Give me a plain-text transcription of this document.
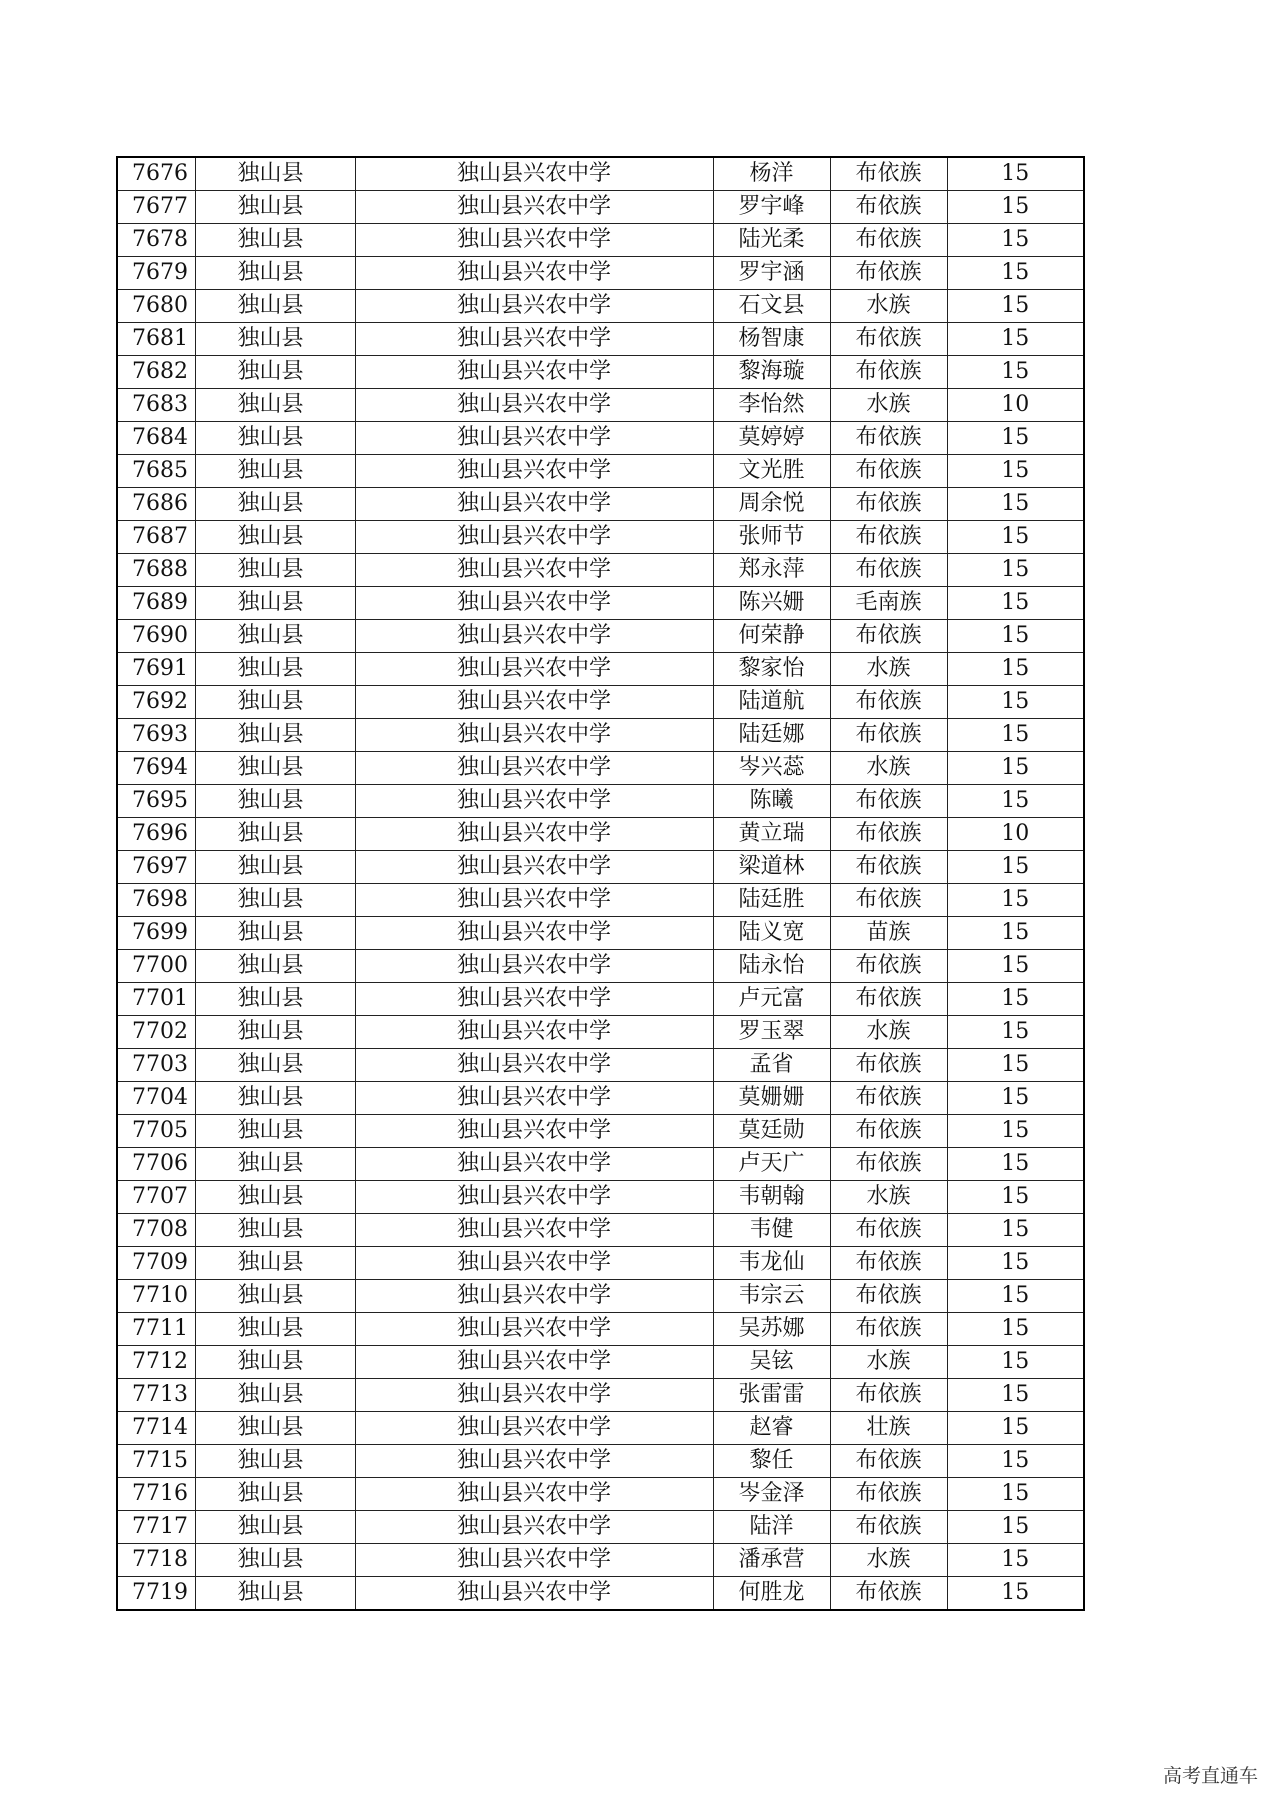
7676	独山县	独山县兴农中学	杨洋	布依族	15
7677	独山县	独山县兴农中学	罗宇峰	布依族	15
7678	独山县	独山县兴农中学	陆光柔	布依族	15
7679	独山县	独山县兴农中学	罗宇涵	布依族	15
7680	独山县	独山县兴农中学	石文县	水族	15
7681	独山县	独山县兴农中学	杨智康	布依族	15
7682	独山县	独山县兴农中学	黎海璇	布依族	15
7683	独山县	独山县兴农中学	李怡然	水族	10
7684	独山县	独山县兴农中学	莫婷婷	布依族	15
7685	独山县	独山县兴农中学	文光胜	布依族	15
7686	独山县	独山县兴农中学	周余悦	布依族	15
7687	独山县	独山县兴农中学	张师节	布依族	15
7688	独山县	独山县兴农中学	郑永萍	布依族	15
7689	独山县	独山县兴农中学	陈兴姗	毛南族	15
7690	独山县	独山县兴农中学	何荣静	布依族	15
7691	独山县	独山县兴农中学	黎家怡	水族	15
7692	独山县	独山县兴农中学	陆道航	布依族	15
7693	独山县	独山县兴农中学	陆廷娜	布依族	15
7694	独山县	独山县兴农中学	岑兴蕊	水族	15
7695	独山县	独山县兴农中学	陈曦	布依族	15
7696	独山县	独山县兴农中学	黄立瑞	布依族	10
7697	独山县	独山县兴农中学	梁道林	布依族	15
7698	独山县	独山县兴农中学	陆廷胜	布依族	15
7699	独山县	独山县兴农中学	陆义宽	苗族	15
7700	独山县	独山县兴农中学	陆永怡	布依族	15
7701	独山县	独山县兴农中学	卢元富	布依族	15
7702	独山县	独山县兴农中学	罗玉翠	水族	15
7703	独山县	独山县兴农中学	孟省	布依族	15
7704	独山县	独山县兴农中学	莫姗姗	布依族	15
7705	独山县	独山县兴农中学	莫廷勋	布依族	15
7706	独山县	独山县兴农中学	卢天广	布依族	15
7707	独山县	独山县兴农中学	韦朝翰	水族	15
7708	独山县	独山县兴农中学	韦健	布依族	15
7709	独山县	独山县兴农中学	韦龙仙	布依族	15
7710	独山县	独山县兴农中学	韦宗云	布依族	15
7711	独山县	独山县兴农中学	吴苏娜	布依族	15
7712	独山县	独山县兴农中学	吴铉	水族	15
7713	独山县	独山县兴农中学	张雷雷	布依族	15
7714	独山县	独山县兴农中学	赵睿	壮族	15
7715	独山县	独山县兴农中学	黎任	布依族	15
7716	独山县	独山县兴农中学	岑金泽	布依族	15
7717	独山县	独山县兴农中学	陆洋	布依族	15
7718	独山县	独山县兴农中学	潘承营	水族	15
7719	独山县	独山县兴农中学	何胜龙	布依族	15
高考直通车
